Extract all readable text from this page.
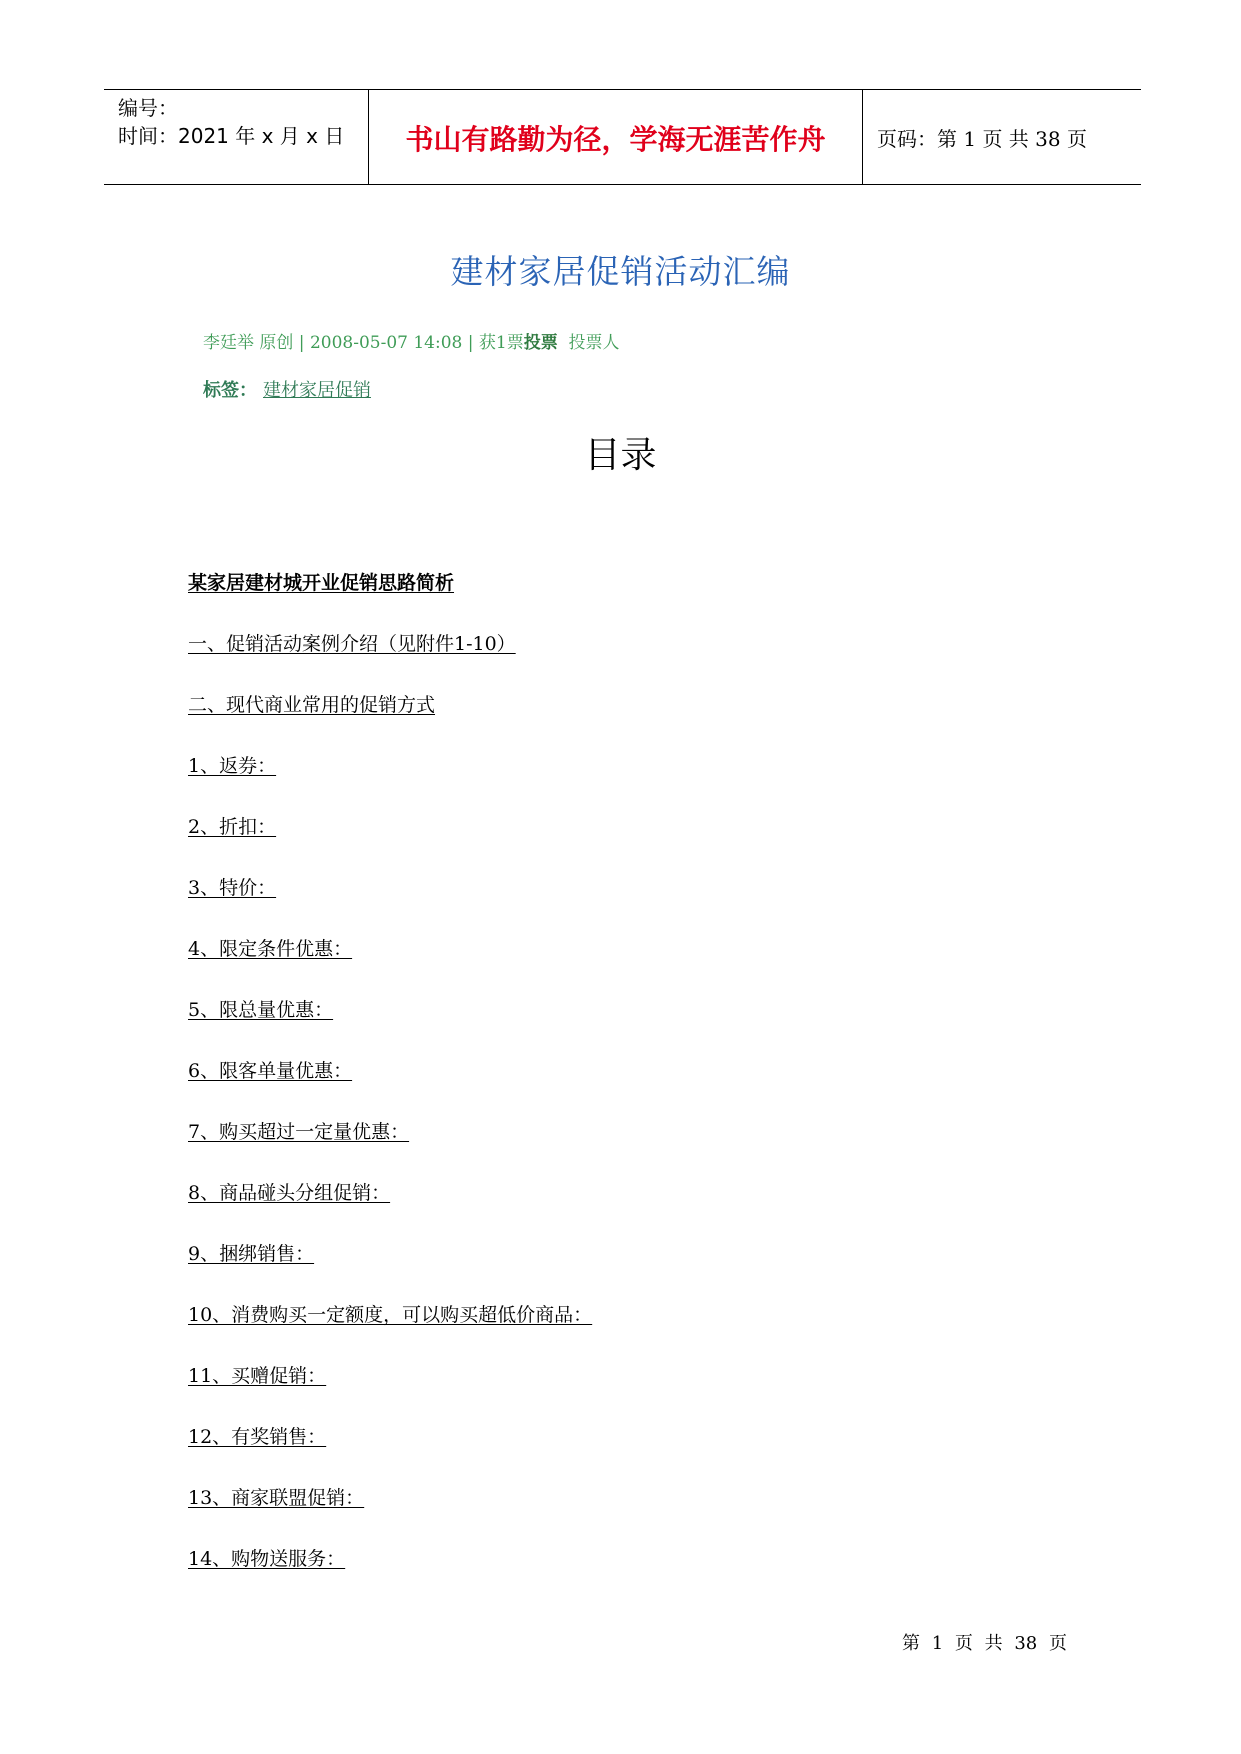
编号：
时间：2021 年 x 月 x 日	书山有路勤为径，学海无涯苦作舟	页码：第 1 页 共 38 页
建材家居促销活动汇编
李廷举 原创 | 2008-05-07 14:08 | 获1票投票 投票人
标签： 建材家居促销
目录
某家居建材城开业促销思路简析
一、促销活动案例介绍（见附件1-10）
二、现代商业常用的促销方式
1、返券：
2、折扣：
3、特价：
4、限定条件优惠：
5、限总量优惠：
6、限客单量优惠：
7、购买超过一定量优惠：
8、商品碰头分组促销：
9、捆绑销售：
10、消费购买一定额度，可以购买超低价商品：
11、买赠促销：
12、有奖销售：
13、商家联盟促销：
14、购物送服务：
第 1 页 共 38 页
